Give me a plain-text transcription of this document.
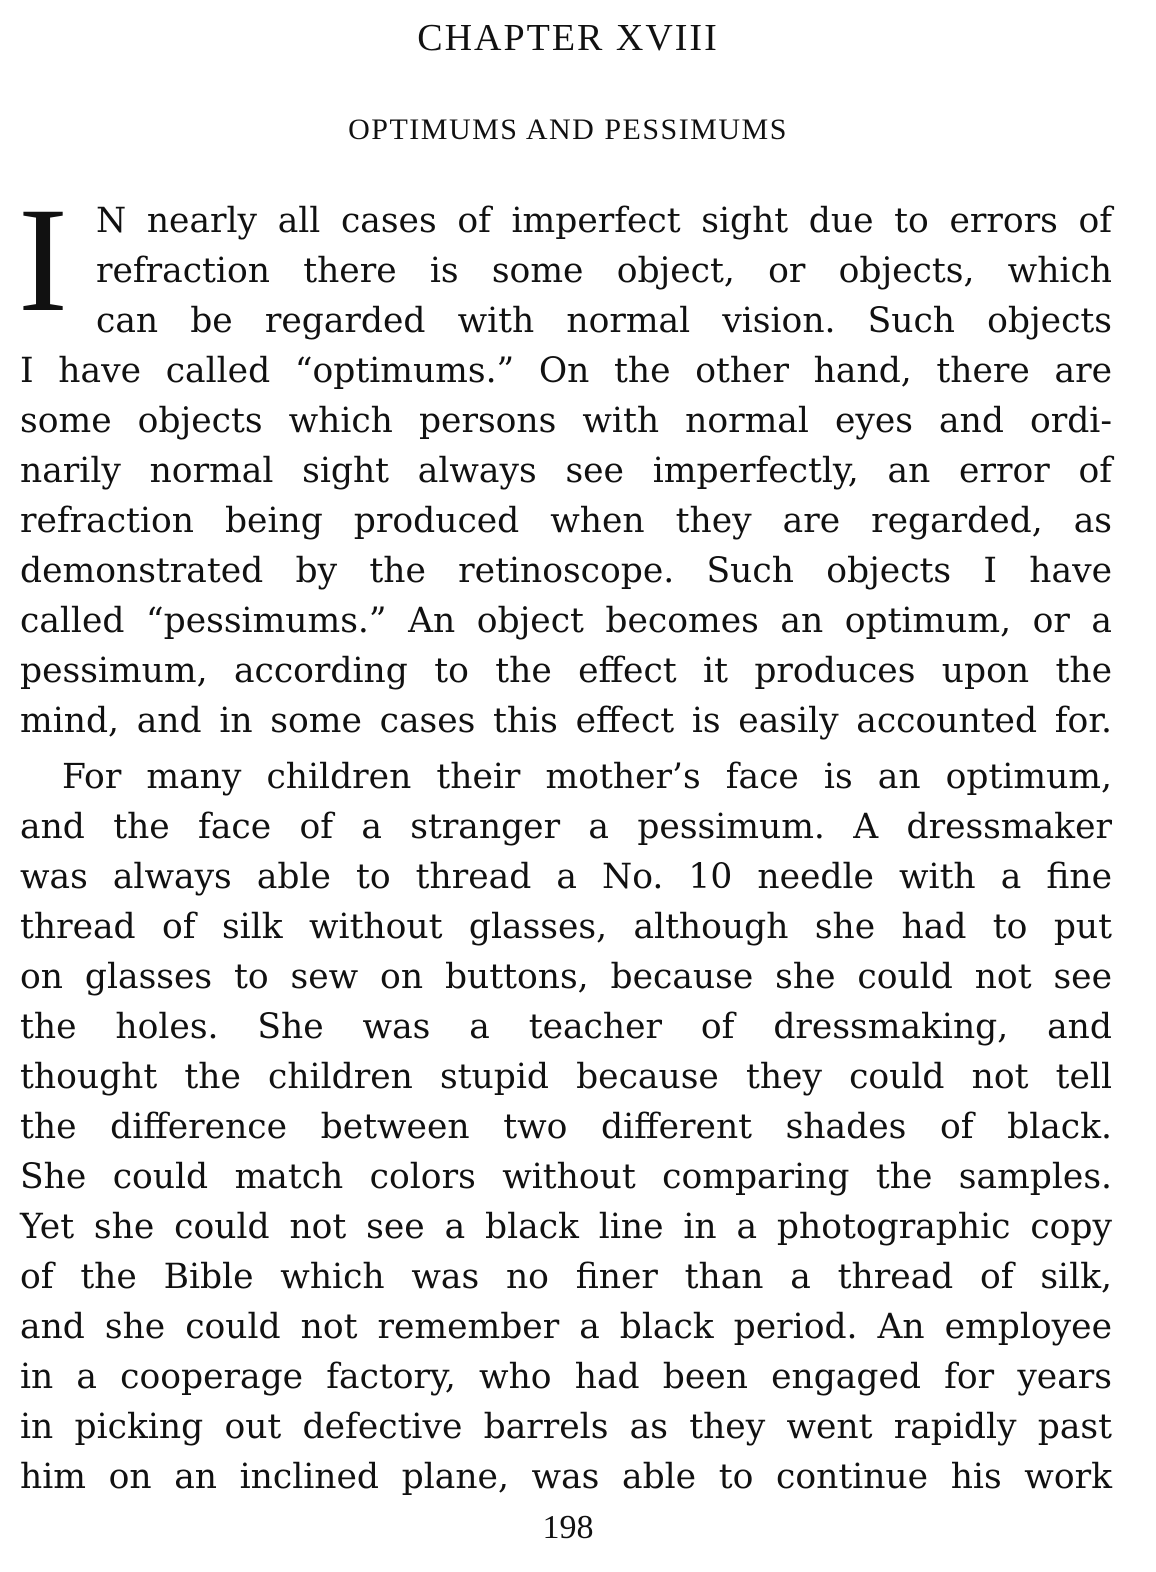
CHAPTER XVIII
OPTIMUMS AND PESSIMUMS
I N nearly all cases of imperfect sight due to errors of
refraction there is some object, or objects, which
can be regarded with normal vision. Such objects
I have called “optimums.” On the other hand, there are
some objects which persons with normal eyes and ordi-
narily normal sight always see imperfectly, an error of
refraction being produced when they are regarded, as
demonstrated by the retinoscope. Such objects I have
called “pessimums.” An object becomes an optimum, or a
pessimum, according to the effect it produces upon the
mind, and in some cases this effect is easily accounted for.
For many children their mother’s face is an optimum,
and the face of a stranger a pessimum. A dressmaker
was always able to thread a No. 10 needle with a fine
thread of silk without glasses, although she had to put
on glasses to sew on buttons, because she could not see
the holes. She was a teacher of dressmaking, and
thought the children stupid because they could not tell
the difference between two different shades of black.
She could match colors without comparing the samples.
Yet she could not see a black line in a photographic copy
of the Bible which was no finer than a thread of silk,
and she could not remember a black period. An employee
in a cooperage factory, who had been engaged for years
in picking out defective barrels as they went rapidly past
him on an inclined plane, was able to continue his work
198
